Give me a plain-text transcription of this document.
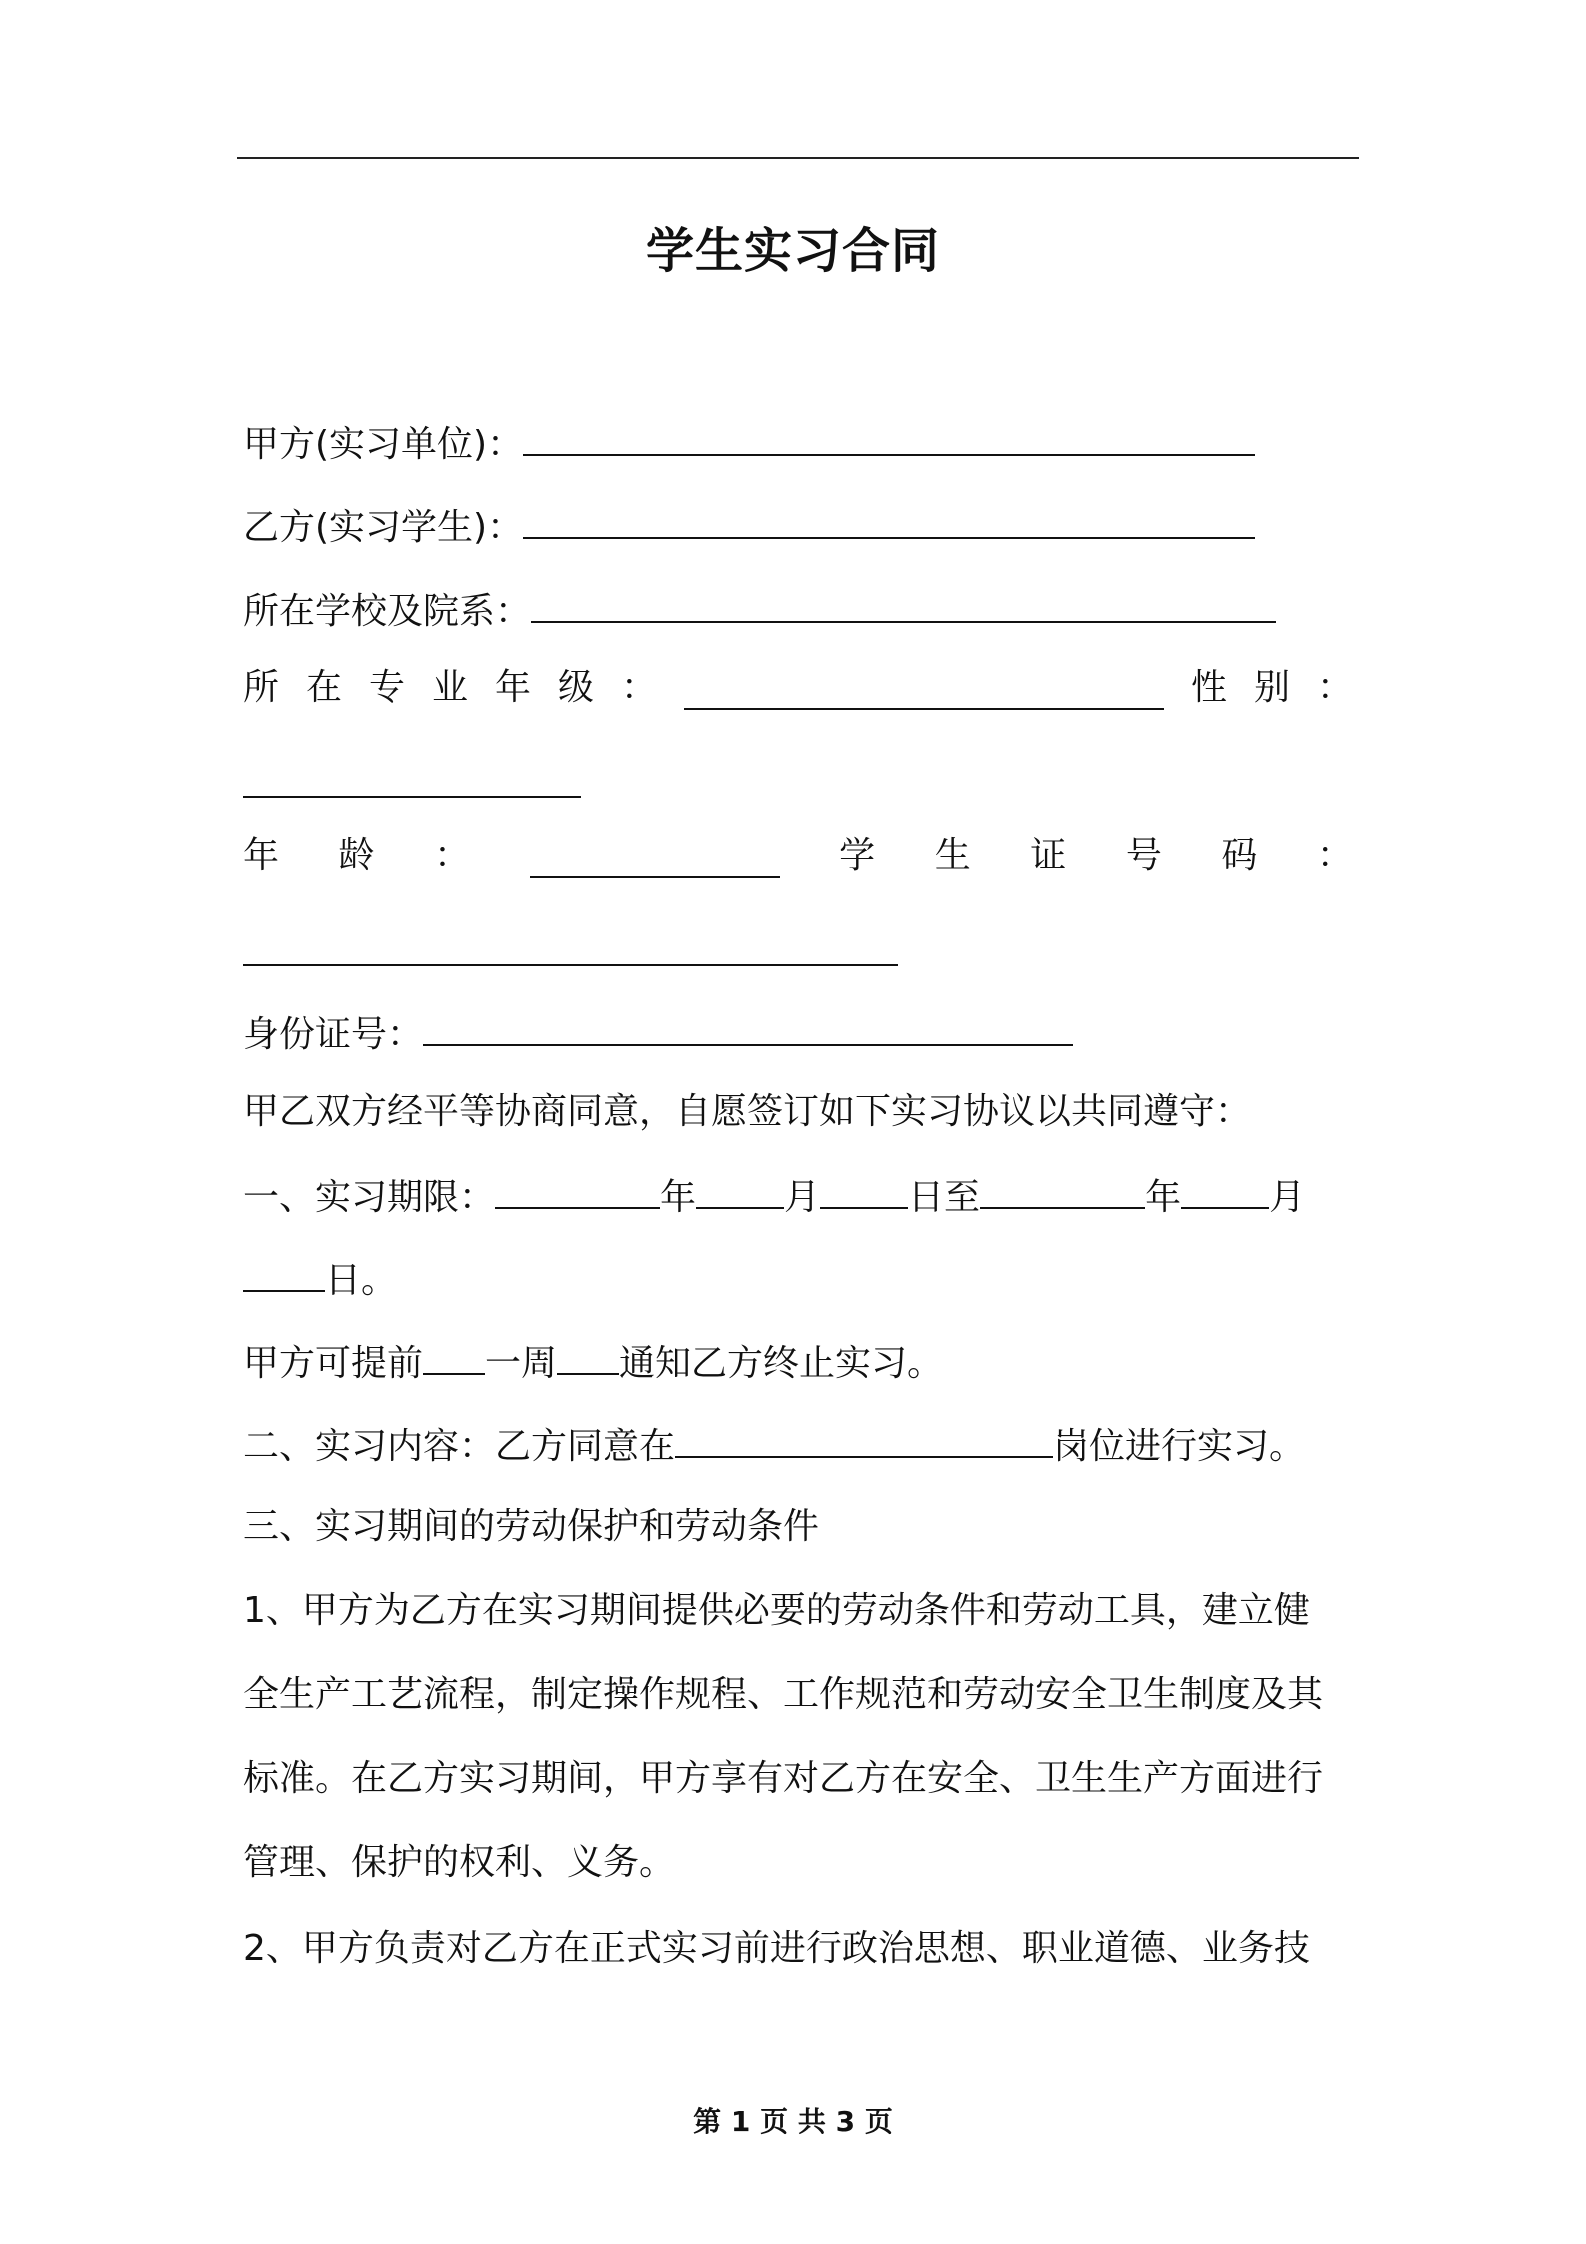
学生实习合同
甲方(实习单位)：
乙方(实习学生)：
所在学校及院系：
所 在 专 业 年 级 ：	性 别 ：
年 龄 ：	学 生 证 号 码 ：
身份证号：
甲乙双方经平等协商同意，自愿签订如下实习协议以共同遵守：
一、实习期限：	年 月 日至	年 月
日。
甲方可提前 一周 通知乙方终止实习。
二、实习内容：乙方同意在	岗位进行实习。
三、实习期间的劳动保护和劳动条件
1、甲方为乙方在实习期间提供必要的劳动条件和劳动工具，建立健
全生产工艺流程，制定操作规程、工作规范和劳动安全卫生制度及其
标准。在乙方实习期间，甲方享有对乙方在安全、卫生生产方面进行
管理、保护的权利、义务。
2、甲方负责对乙方在正式实习前进行政治思想、职业道德、业务技
第 1 页 共 3 页
